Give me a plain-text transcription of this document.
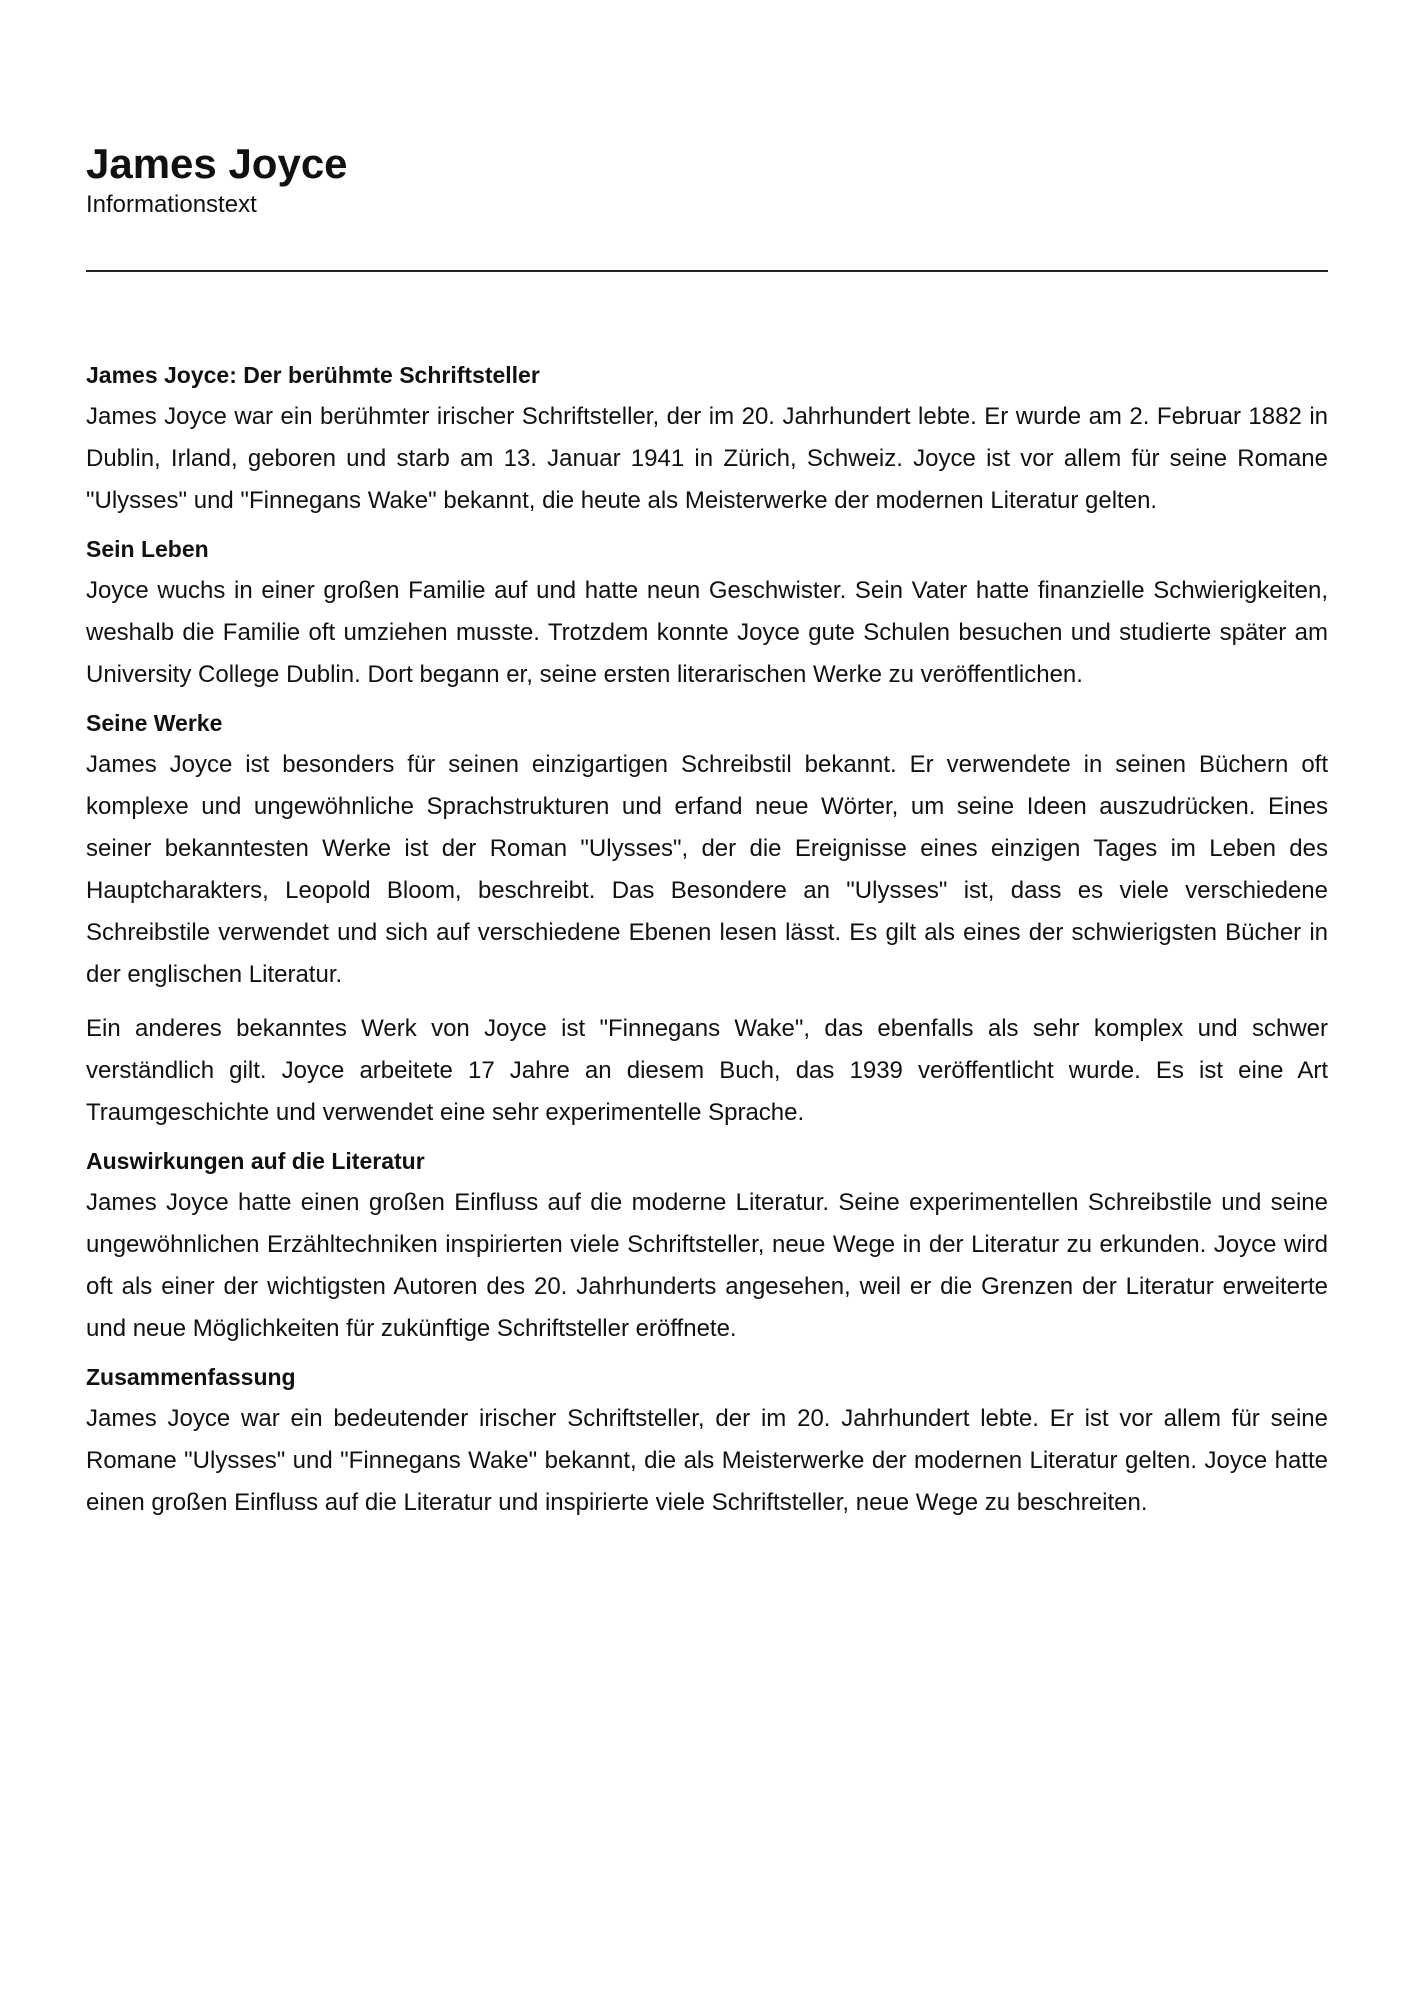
James Joyce

Informationstext

James Joyce: Der berühmte Schriftsteller

James Joyce war ein berühmter irischer Schriftsteller, der im 20. Jahrhundert lebte. Er wurde am 2. Februar 1882 in Dublin, Irland, geboren und starb am 13. Januar 1941 in Zürich, Schweiz. Joyce ist vor allem für seine Romane "Ulysses" und "Finnegans Wake" bekannt, die heute als Meisterwerke der modernen Literatur gelten.

Sein Leben

Joyce wuchs in einer großen Familie auf und hatte neun Geschwister. Sein Vater hatte finanzielle Schwierigkeiten, weshalb die Familie oft umziehen musste. Trotzdem konnte Joyce gute Schulen besuchen und studierte später am University College Dublin. Dort begann er, seine ersten literarischen Werke zu veröffentlichen.

Seine Werke

James Joyce ist besonders für seinen einzigartigen Schreibstil bekannt. Er verwendete in seinen Büchern oft komplexe und ungewöhnliche Sprachstrukturen und erfand neue Wörter, um seine Ideen auszudrücken. Eines seiner bekanntesten Werke ist der Roman "Ulysses", der die Ereignisse eines einzigen Tages im Leben des Hauptcharakters, Leopold Bloom, beschreibt. Das Besondere an "Ulysses" ist, dass es viele verschiedene Schreibstile verwendet und sich auf verschiedene Ebenen lesen lässt. Es gilt als eines der schwierigsten Bücher in der englischen Literatur.

Ein anderes bekanntes Werk von Joyce ist "Finnegans Wake", das ebenfalls als sehr komplex und schwer verständlich gilt. Joyce arbeitete 17 Jahre an diesem Buch, das 1939 veröffentlicht wurde. Es ist eine Art Traumgeschichte und verwendet eine sehr experimentelle Sprache.

Auswirkungen auf die Literatur

James Joyce hatte einen großen Einfluss auf die moderne Literatur. Seine experimentellen Schreibstile und seine ungewöhnlichen Erzähltechniken inspirierten viele Schriftsteller, neue Wege in der Literatur zu erkunden. Joyce wird oft als einer der wichtigsten Autoren des 20. Jahrhunderts angesehen, weil er die Grenzen der Literatur erweiterte und neue Möglichkeiten für zukünftige Schriftsteller eröffnete.

Zusammenfassung

James Joyce war ein bedeutender irischer Schriftsteller, der im 20. Jahrhundert lebte. Er ist vor allem für seine Romane "Ulysses" und "Finnegans Wake" bekannt, die als Meisterwerke der modernen Literatur gelten. Joyce hatte einen großen Einfluss auf die Literatur und inspirierte viele Schriftsteller, neue Wege zu beschreiten.
